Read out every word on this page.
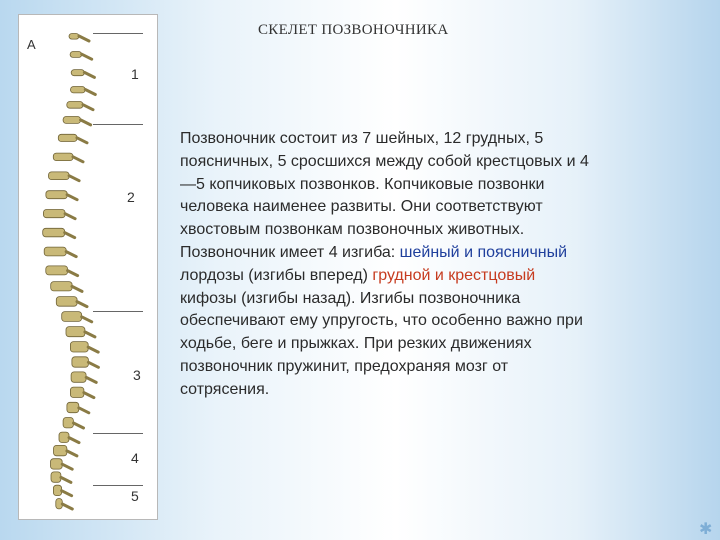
СКЕЛЕТ ПОЗВОНОЧНИКА
A
1
2
3
4
5
Позвоночник состоит из 7 шейных, 12 грудных, 5
поясничных, 5 сросшихся между собой крестцовых и 4
—5 копчиковых позвонков. Копчиковые позвонки
человека наименее развиты. Они соответствуют
хвостовым позвонкам позвоночных животных.
Позвоночник имеет 4 изгиба: шейный и поясничный
лордозы (изгибы вперед) грудной и крестцовый
кифозы (изгибы назад). Изгибы позвоночника
обеспечивают ему упругость, что особенно важно при
ходьбе, беге и прыжках. При резких движениях
позвоночник пружинит, предохраняя мозг от
сотрясения.
✱
